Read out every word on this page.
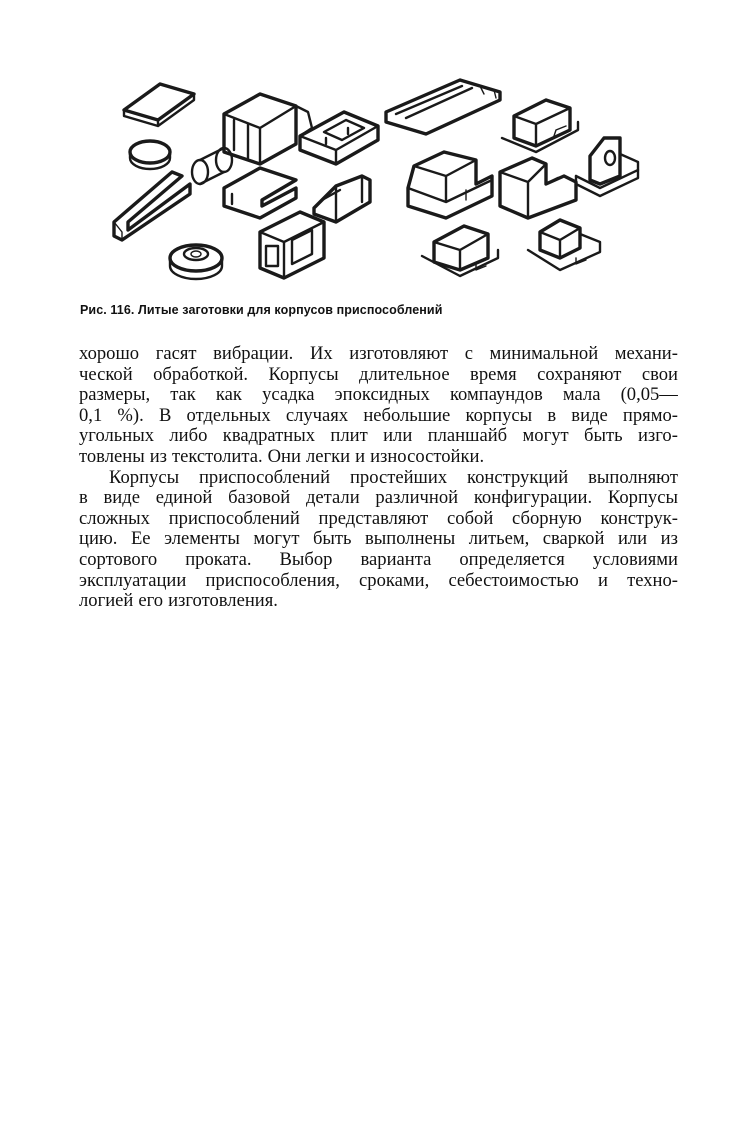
Рис. 116. Литые заготовки для корпусов приспособлений
хорошо гасят вибрации. Их изготовляют с минимальной механи-
ческой обработкой. Корпусы длительное время сохраняют свои
размеры, так как усадка эпоксидных компаундов мала (0,05—
0,1 %). В отдельных случаях небольшие корпусы в виде прямо-
угольных либо квадратных плит или планшайб могут быть изго-
товлены из текстолита. Они легки и износостойки.
Корпусы приспособлений простейших конструкций выполняют
в виде единой базовой детали различной конфигурации. Корпусы
сложных приспособлений представляют собой сборную конструк-
цию. Ее элементы могут быть выполнены литьем, сваркой или из
сортового проката. Выбор варианта определяется условиями
эксплуатации приспособления, сроками, себестоимостью и техно-
логией его изготовления.
